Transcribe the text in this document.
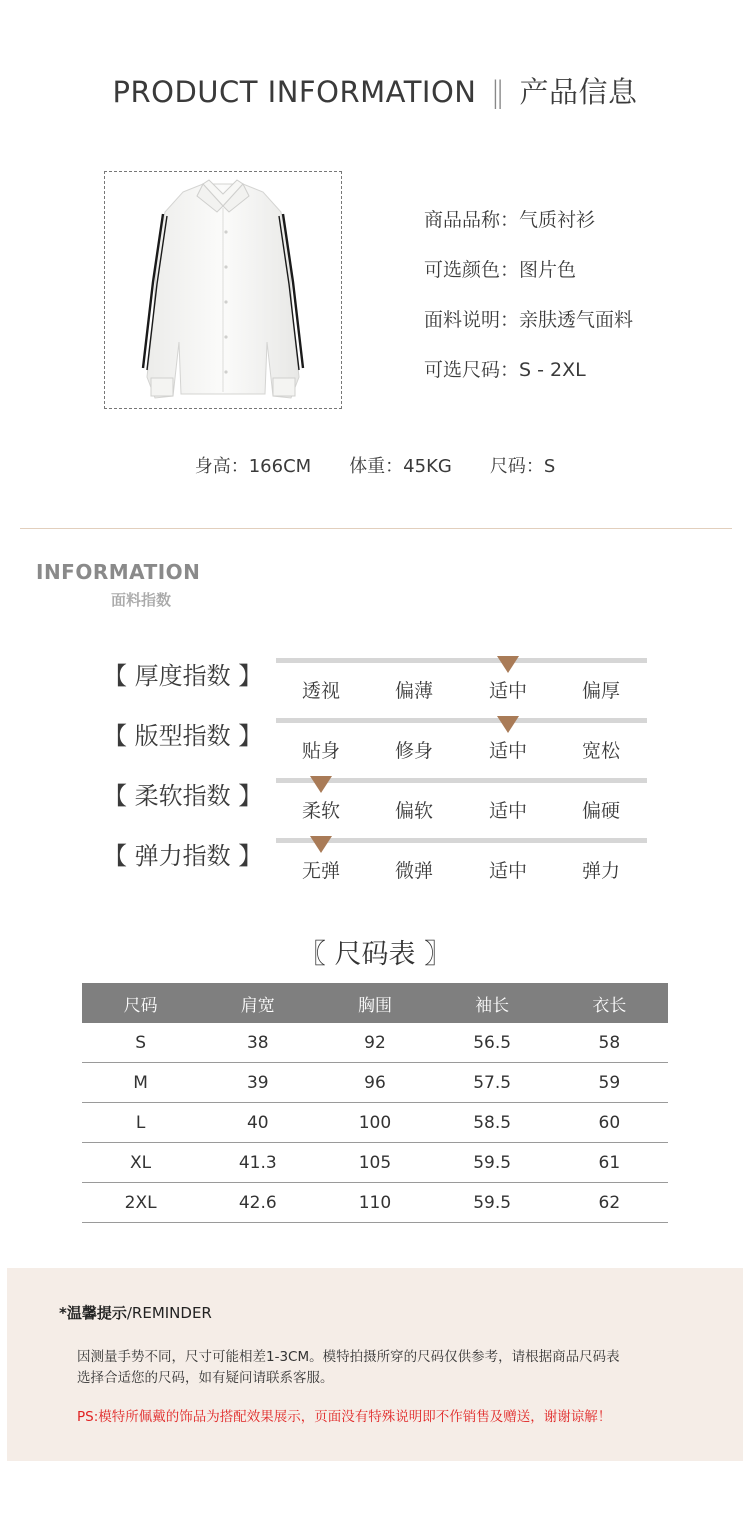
PRODUCT INFORMATION ‖ 产品信息
商品品称：气质衬衫
可选颜色：图片色
面料说明：亲肤透气面料
可选尺码：S - 2XL
身高：166CM 体重：45KG 尺码：S
INFORMATION
面料指数
【 厚度指数 】
透视	偏薄	适中	偏厚
【 版型指数 】
贴身	修身	适中	宽松
【 柔软指数 】
柔软	偏软	适中	偏硬
【 弹力指数 】
无弹	微弹	适中	弹力
〖 尺码表 〗
尺码	肩宽	胸围	袖长	衣长
S	38	92	56.5	58
M	39	96	57.5	59
L	40	100	58.5	60
XL	41.3	105	59.5	61
2XL	42.6	110	59.5	62
*温馨提示/REMINDER
因测量手势不同，尺寸可能相差1-3CM。模特拍摄所穿的尺码仅供参考，请根据商品尺码表
选择合适您的尺码，如有疑问请联系客服。
PS:模特所佩戴的饰品为搭配效果展示，页面没有特殊说明即不作销售及赠送，谢谢谅解！
